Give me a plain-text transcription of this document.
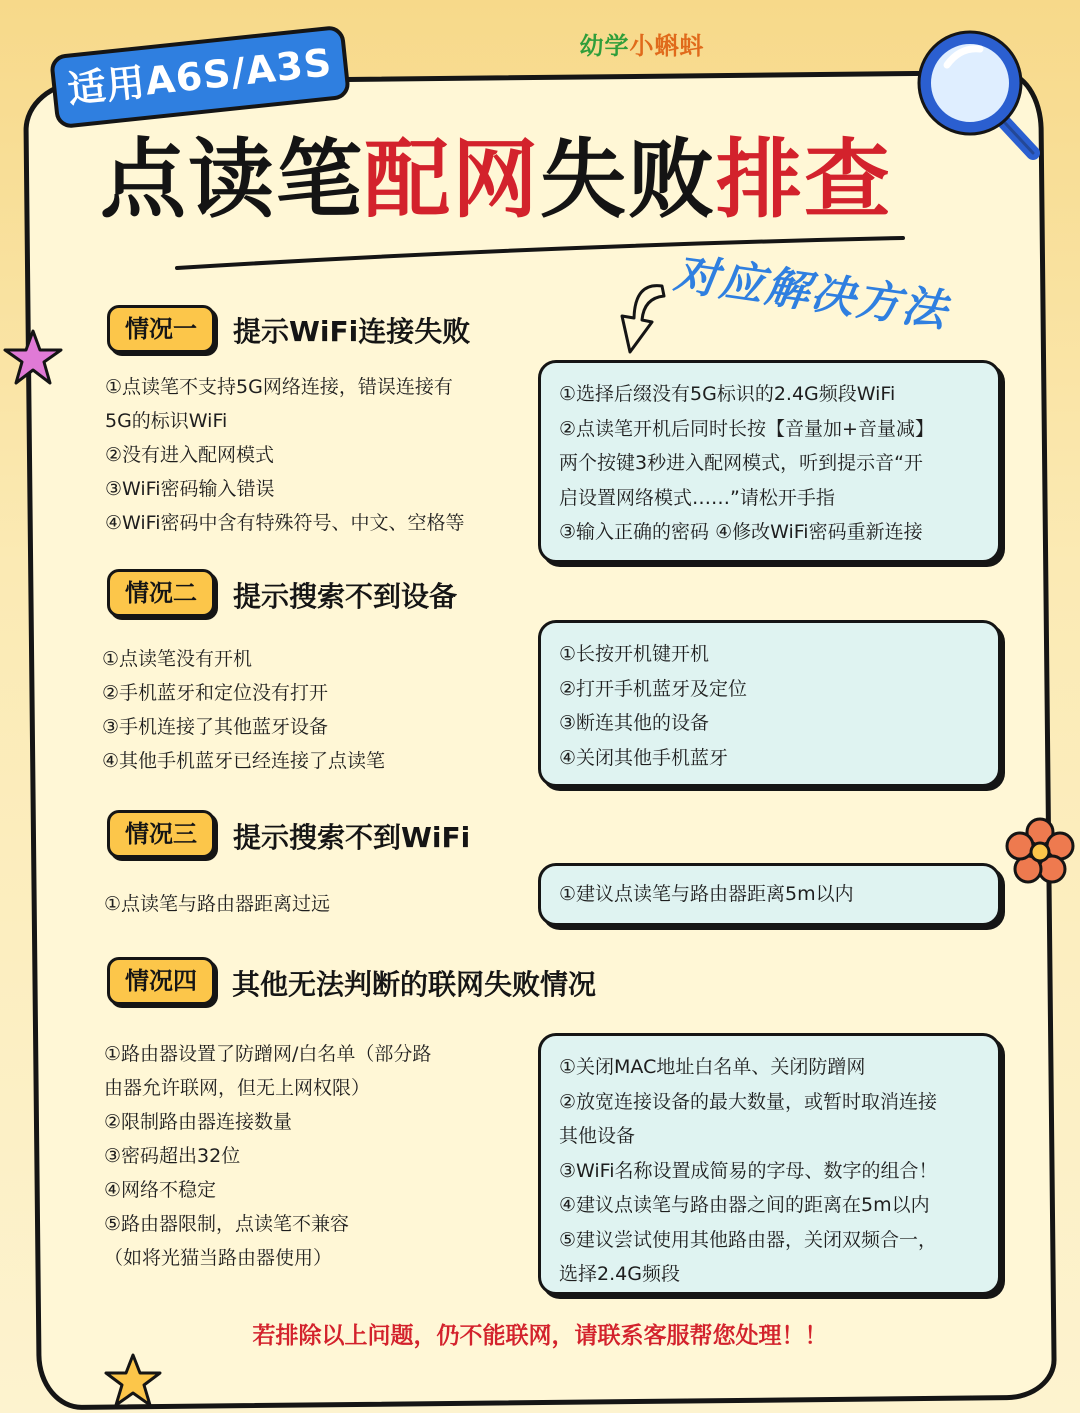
适用A6S/A3S	幼学小蝌蚪
点读笔配网失败排查
对应解决方法
情况一	提示WiFi连接失败
①点读笔不支持5G网络连接，错误连接有
5G的标识WiFi
②没有进入配网模式
③WiFi密码输入错误
④WiFi密码中含有特殊符号、中文、空格等
①选择后缀没有5G标识的2.4G频段WiFi
②点读笔开机后同时长按【音量加+音量减】
两个按键3秒进入配网模式，听到提示音“开
启设置网络模式……”请松开手指
③输入正确的密码 ④修改WiFi密码重新连接
情况二	提示搜索不到设备
①点读笔没有开机
②手机蓝牙和定位没有打开
③手机连接了其他蓝牙设备
④其他手机蓝牙已经连接了点读笔
①长按开机键开机
②打开手机蓝牙及定位
③断连其他的设备
④关闭其他手机蓝牙
情况三	提示搜索不到WiFi
①点读笔与路由器距离过远	①建议点读笔与路由器距离5m以内
情况四	其他无法判断的联网失败情况
①路由器设置了防蹭网/白名单（部分路
由器允许联网，但无上网权限）
②限制路由器连接数量
③密码超出32位
④网络不稳定
⑤路由器限制，点读笔不兼容
（如将光猫当路由器使用）
①关闭MAC地址白名单、关闭防蹭网
②放宽连接设备的最大数量，或暂时取消连接
其他设备
③WiFi名称设置成简易的字母、数字的组合！
④建议点读笔与路由器之间的距离在5m以内
⑤建议尝试使用其他路由器，关闭双频合一，
选择2.4G频段
若排除以上问题，仍不能联网，请联系客服帮您处理！！
